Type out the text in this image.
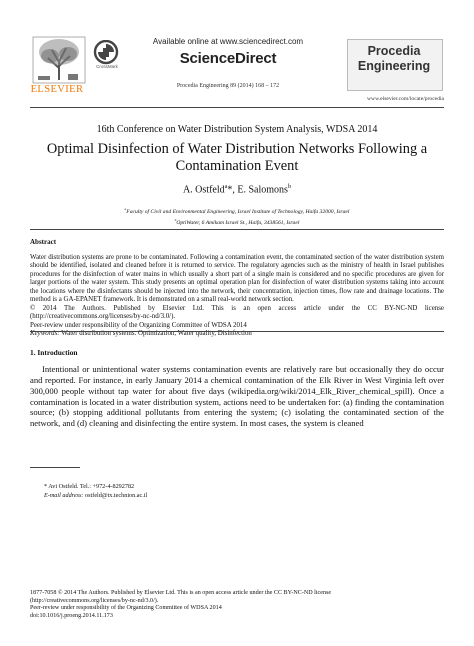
ELSEVIER
CrossMark
Available online at www.sciencedirect.com
ScienceDirect
Procedia Engineering 89 (2014) 168 – 172
Procedia
Engineering
www.elsevier.com/locate/procedia
16th Conference on Water Distribution System Analysis, WDSA 2014
Optimal Disinfection of Water Distribution Networks Following a
Contamination Event
A. Ostfeld$^a$*, E. Salomons$^b$
$^a$Faculty of Civil and Environmental Engineering, Israel Institute of Technology, Haifa 32000, Israel
$^b$OptiWater, 6 Amikam Israel St., Haifa, 3438561, Israel
Abstract

Water distribution systems are prone to be contaminated. Following a contamination event, the contaminated section of the water distribution system should be identified, isolated and cleaned before it is returned to service. The regulatory agencies such as the ministry of health in Israel publishes procedures for the disinfection of water mains in which usually a short part of a single main is considered and no specific procedures are given for larger portions of the water system. This study presents an optimal operation plan for disinfection of water distribution systems taking into account the locations where the disinfectants should be injected into the network, their concentration, injection times, flow rate and drainage locations. The method is a GA-EPANET framework. It is demonstrated on a small real-world network section.

© 2014 The Authors. Published by Elsevier Ltd. This is an open access article under the CC BY-NC-ND license (http://creativecommons.org/licenses/by-nc-nd/3.0/).

Peer-review under responsibility of the Organizing Committee of WDSA 2014

Keywords: Water distribution systems. Optimization, Water quality, Disinfection

1. Introduction
Intentional or unintentional water systems contamination events are relatively rare but occasionally they do occur and reported. For instance, in early January 2014 a chemical contamination of the Elk River in West Virginia left over 300,000 people without tap water for about five days (wikipedia.org/wiki/2014_Elk_River_chemical_spill). Once a contamination is located in a water distribution system, actions need to be undertaken for: (a) finding the contamination source; (b) stopping additional pollutants from entering the system; (c) isolating the contaminated section of the network, and (d) cleaning and disinfecting the entire system. In most cases, the system is cleaned
* Avi Ostfeld. Tel.: +972-4-8292782
E-mail address: ostfeld@tx.technion.ac.il
1877-7058 © 2014 The Authors. Published by Elsevier Ltd. This is an open access article under the CC BY-NC-ND license
(http://creativecommons.org/licenses/by-nc-nd/3.0/).
Peer-review under responsibility of the Organizing Committee of WDSA 2014
doi:10.1016/j.proeng.2014.11.173
